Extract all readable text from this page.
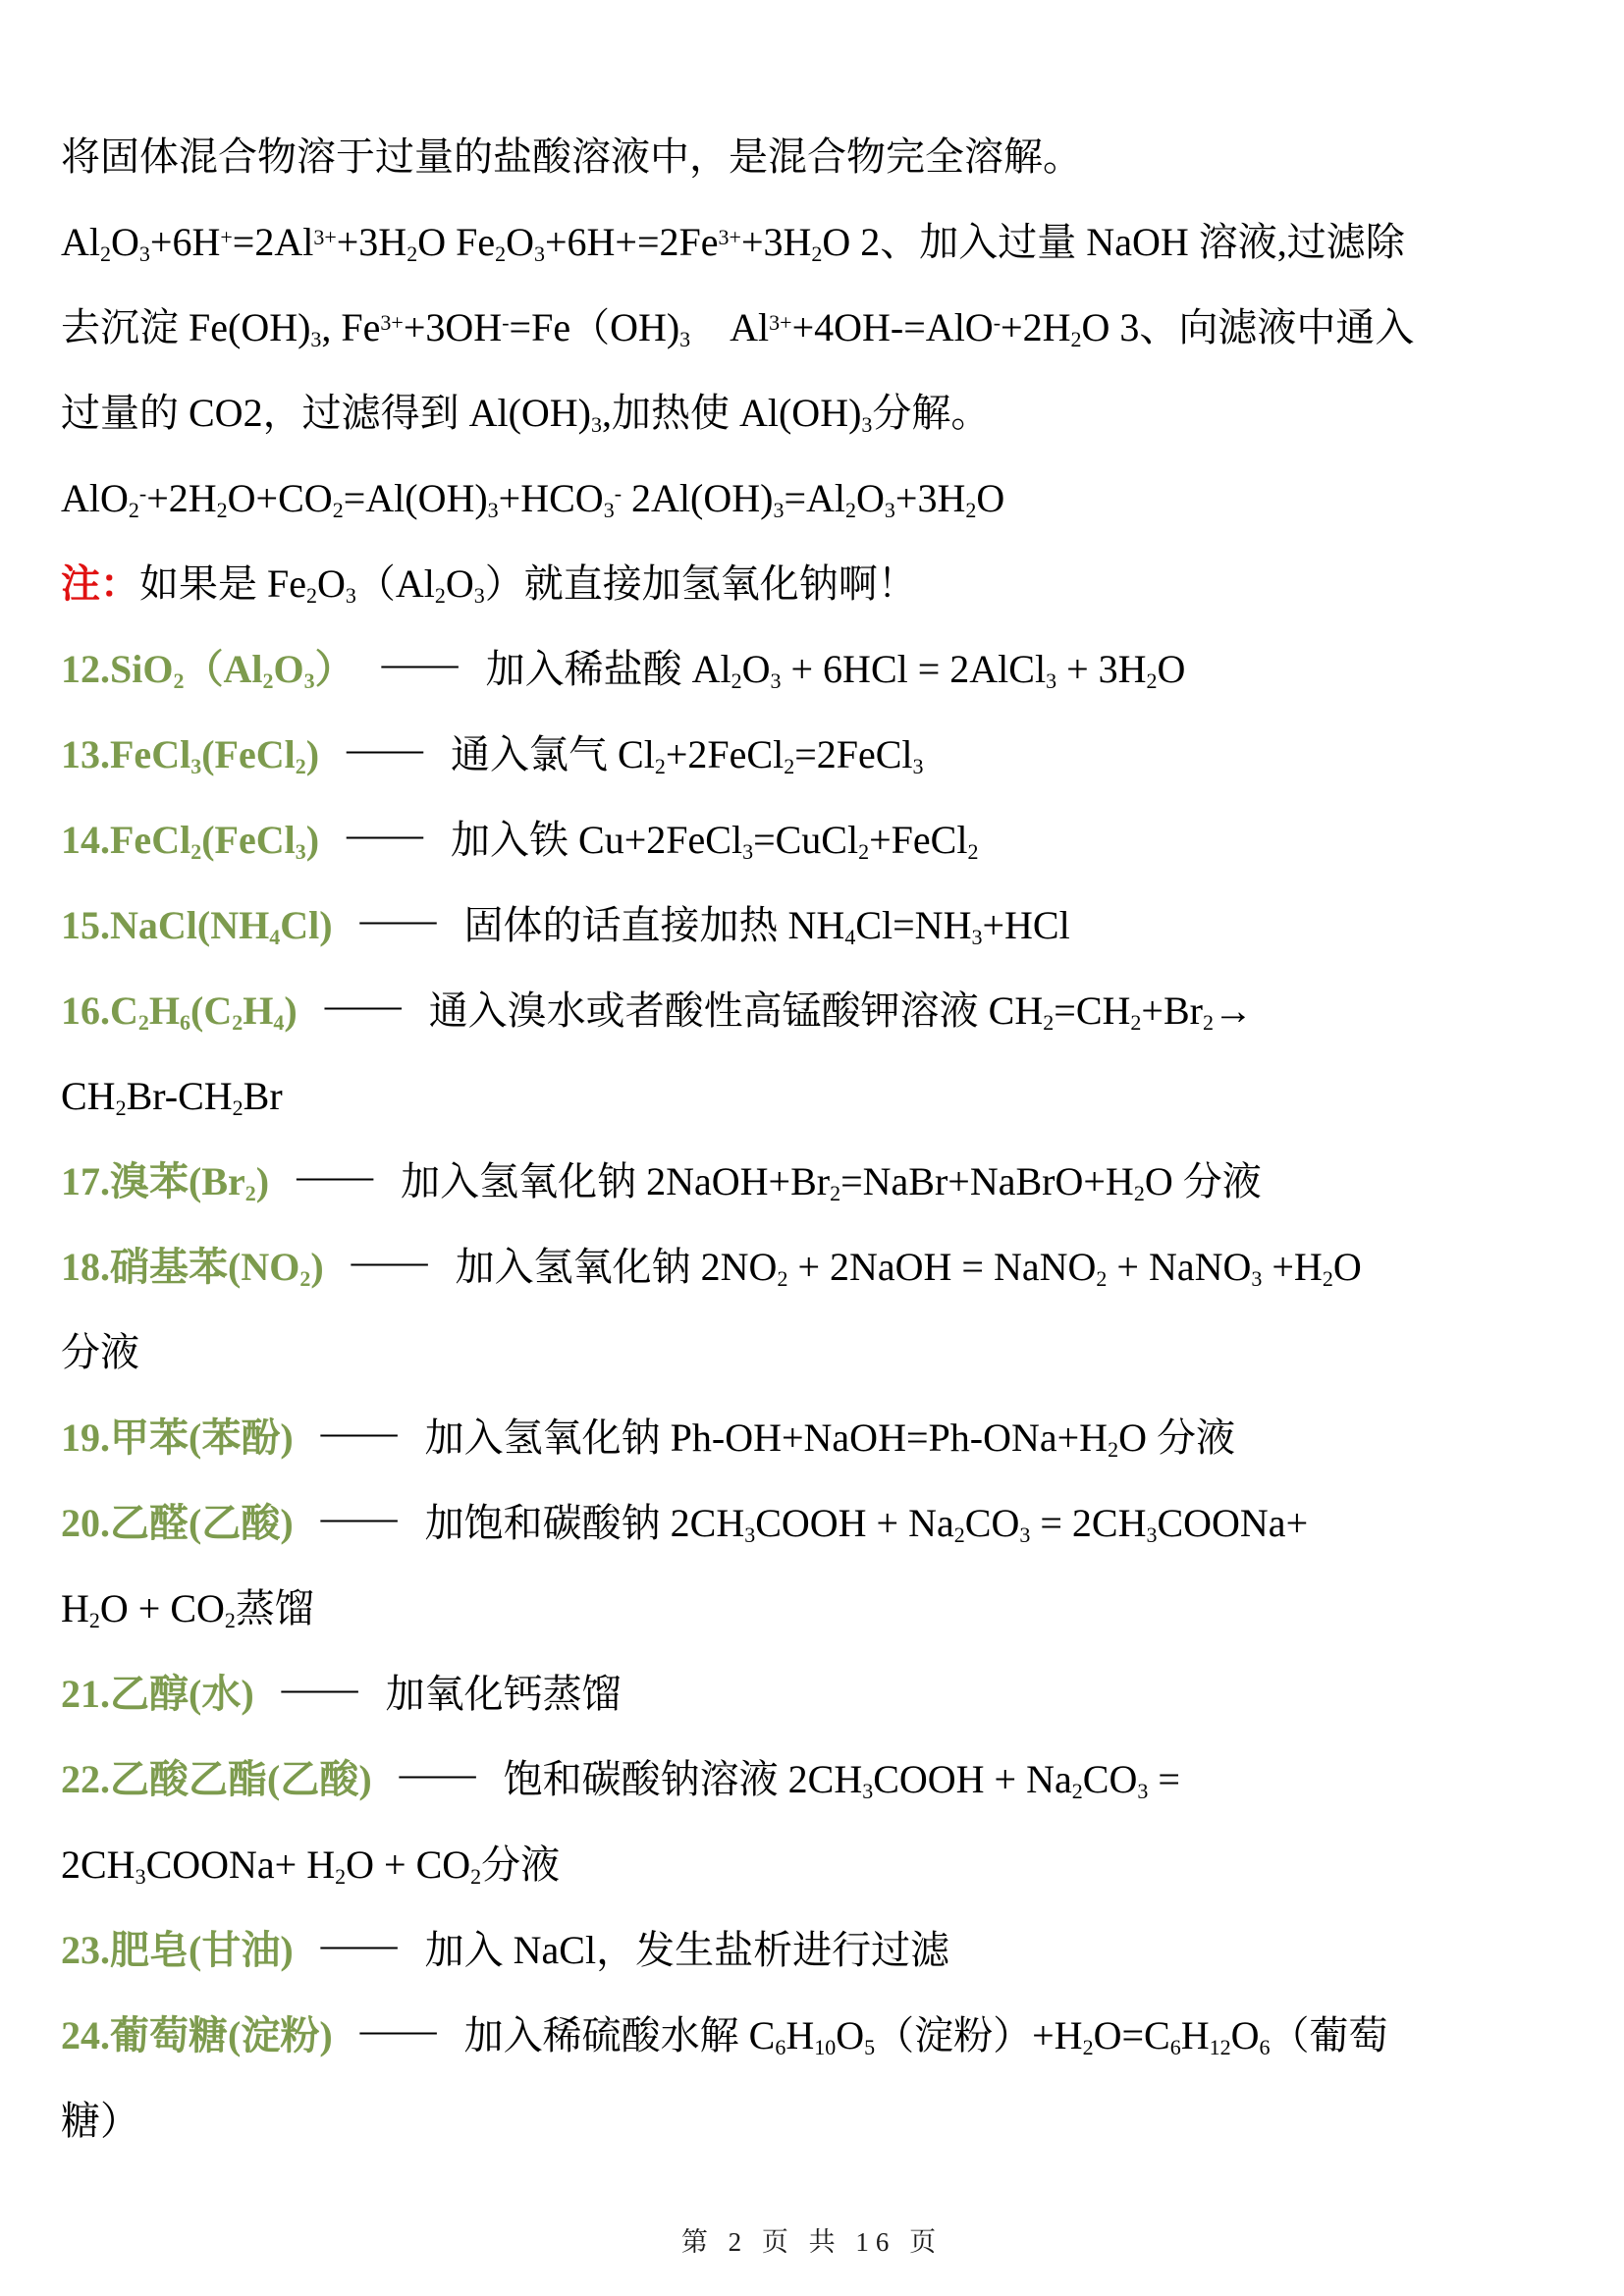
将固体混合物溶于过量的盐酸溶液中，是混合物完全溶解。

$Al_2O_3+6H^+=2Al^{3+}+3H_2O$ $Fe_2O_3+6H+=2Fe^{3+}+3H_2O$ 2、加入过量 NaOH 溶液,过滤除

去沉淀 $Fe(OH)_3$, $Fe^{3+}+3OH^-=Fe(OH)_3$　$Al^{3+}+4OH-=AlO^-+2H_2O$ 3、向滤液中通入

过量的 CO2，过滤得到 $Al(OH)_3$,加热使 $Al(OH)_3$分解。

$AlO_2^-+2H_2O+CO_2=Al(OH)_3+HCO_3^-$ $2Al(OH)_3=Al_2O_3+3H_2O$

注：如果是 $Fe_2O_3(Al_2O_3)$就直接加氢氧化钠啊！

$12.SiO_2(Al_2O_3)$ —— 加入稀盐酸 $Al_2O_3 + 6HCl$ = 2AlCl$_3$ + $3H_2O$

13.FeCl$_3$(FeCl$_2$) —— 通入氯气 $Cl_2+2FeCl_2=2FeCl_3$

14.FeCl$_2$(FeCl$_3$) —— 加入铁 Cu+2FeCl$_3$=CuCl$_2$+FeCl$_2$

$15.NaCl(NH_4Cl)$ —— 固体的话直接加热 $NH_4Cl=NH_3+HCl$

$16.C_2H_6(C_2H_4)$ —— 通入溴水或者酸性高锰酸钾溶液 $CH_2=CH_2+Br_2\to$

$CH_2Br-CH_2Br$

17.溴苯$(Br_2)$ —— 加入氢氧化钠 $2NaOH+Br_2=NaBr+NaBrO+H_2O$ 分液

18.硝基苯$(NO_2)$ —— 加入氢氧化钠 $2NO_2$ + 2NaOH = NaNO$_2$ + NaNO$_3$ $+H_2O$

分液

19.甲苯(苯酚) —— 加入氢氧化钠 $Ph-OH+NaOH=Ph-ONa+H_2O$ 分液

20.乙醛(乙酸) —— 加饱和碳酸钠 $2CH_3COOH + Na_2CO_3$ = $2CH_3COONa+$

$H_2O + CO_2$蒸馏

21.乙醇(水) —— 加氧化钙蒸馏

22.乙酸乙酯(乙酸) —— 饱和碳酸钠溶液 $2CH_3COOH + Na_2CO_3$ =

$2CH_3COONa+ H_2O + CO_2$分液

23.肥皂(甘油) —— 加入 NaCl，发生盐析进行过滤

24.葡萄糖(淀粉) —— 加入稀硫酸水解 $C_6H_{10}O_5$（淀粉）$+H_2O=C_6H_{12}O_6$（葡萄

糖）

第 2 页 共 16 页
